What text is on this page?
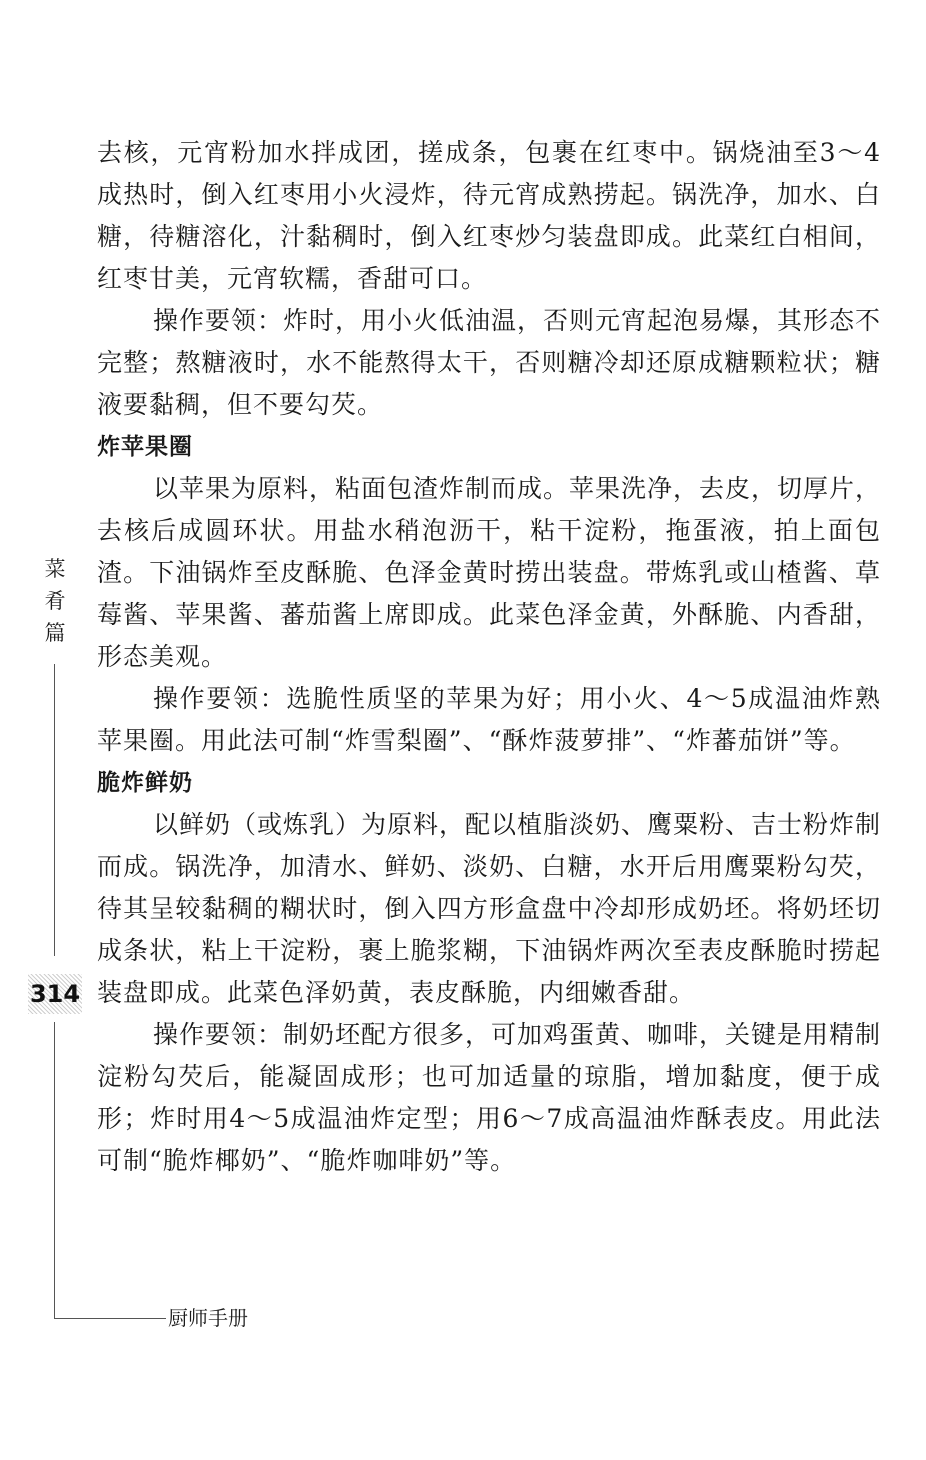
去核，元宵粉加水拌成团，搓成条，包裹在红枣中。锅烧油至3～4成热时，倒入红枣用小火浸炸，待元宵成熟捞起。锅洗净，加水、白糖，待糖溶化，汁黏稠时，倒入红枣炒匀装盘即成。此菜红白相间，红枣甘美，元宵软糯，香甜可口。

操作要领：炸时，用小火低油温，否则元宵起泡易爆，其形态不完整；熬糖液时，水不能熬得太干，否则糖冷却还原成糖颗粒状；糖液要黏稠，但不要勾芡。

炸苹果圈

以苹果为原料，粘面包渣炸制而成。苹果洗净，去皮，切厚片，去核后成圆环状。用盐水稍泡沥干，粘干淀粉，拖蛋液，拍上面包渣。下油锅炸至皮酥脆、色泽金黄时捞出装盘。带炼乳或山楂酱、草莓酱、苹果酱、蕃茄酱上席即成。此菜色泽金黄，外酥脆、内香甜，形态美观。

操作要领：选脆性质坚的苹果为好；用小火、4～5成温油炸熟苹果圈。用此法可制“炸雪梨圈”、“酥炸菠萝排”、“炸蕃茄饼”等。

脆炸鲜奶

以鲜奶（或炼乳）为原料，配以植脂淡奶、鹰粟粉、吉士粉炸制而成。锅洗净，加清水、鲜奶、淡奶、白糖，水开后用鹰粟粉勾芡，待其呈较黏稠的糊状时，倒入四方形盒盘中冷却形成奶坯。将奶坯切成条状，粘上干淀粉，裹上脆浆糊，下油锅炸两次至表皮酥脆时捞起装盘即成。此菜色泽奶黄，表皮酥脆，内细嫩香甜。

操作要领：制奶坯配方很多，可加鸡蛋黄、咖啡，关键是用精制淀粉勾芡后，能凝固成形；也可加适量的琼脂，增加黏度，便于成形；炸时用4～5成温油炸定型；用6～7成高温油炸酥表皮。用此法可制“脆炸椰奶”、“脆炸咖啡奶”等。

菜
肴
篇
314
厨师手册
